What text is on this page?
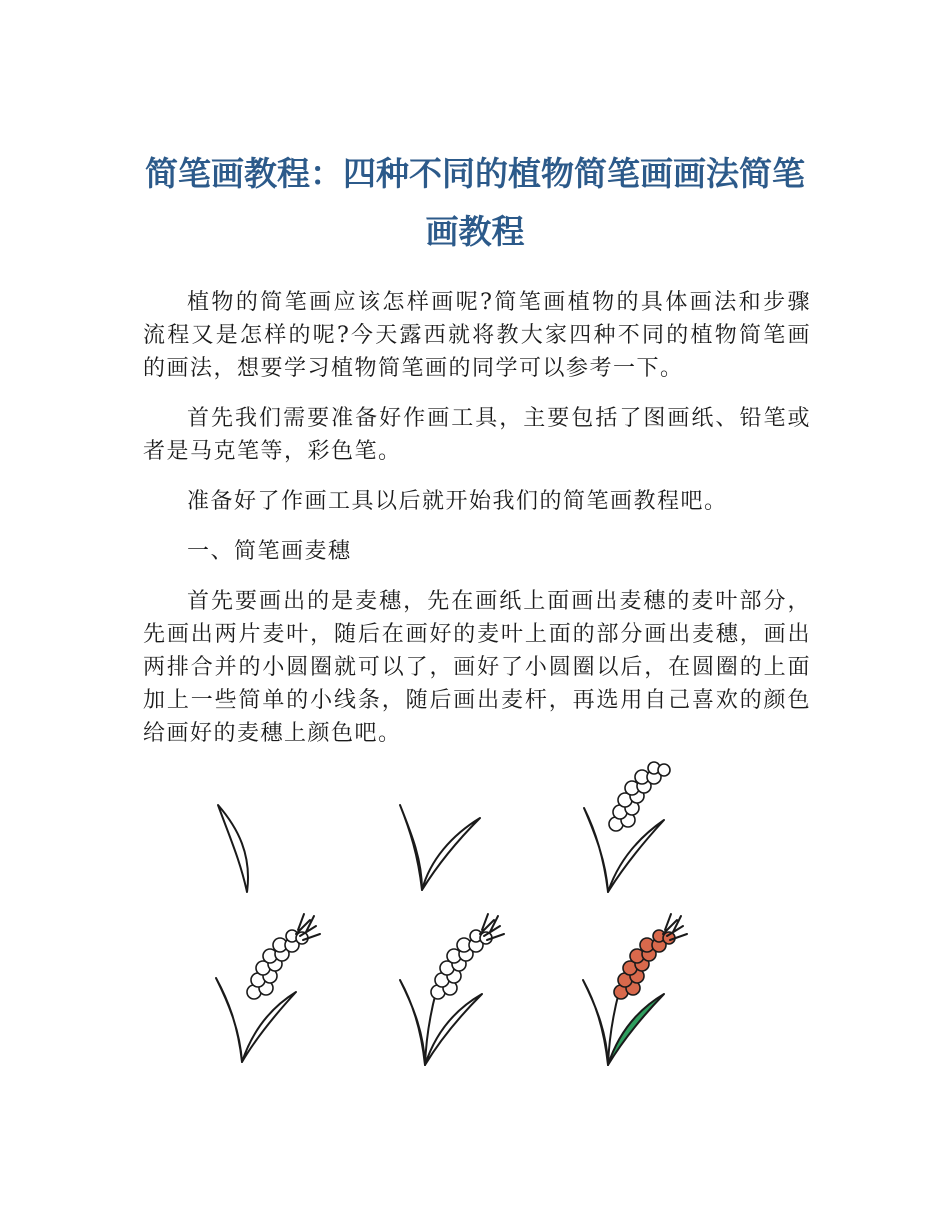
简笔画教程：四种不同的植物简笔画画法简笔画教程

植物的简笔画应该怎样画呢?简笔画植物的具体画法和步骤流程又是怎样的呢?今天露西就将教大家四种不同的植物简笔画的画法，想要学习植物简笔画的同学可以参考一下。

首先我们需要准备好作画工具，主要包括了图画纸、铅笔或者是马克笔等，彩色笔。

准备好了作画工具以后就开始我们的简笔画教程吧。

一、简笔画麦穗

首先要画出的是麦穗，先在画纸上面画出麦穗的麦叶部分，先画出两片麦叶，随后在画好的麦叶上面的部分画出麦穗，画出两排合并的小圆圈就可以了，画好了小圆圈以后，在圆圈的上面加上一些简单的小线条，随后画出麦杆，再选用自己喜欢的颜色给画好的麦穗上颜色吧。
